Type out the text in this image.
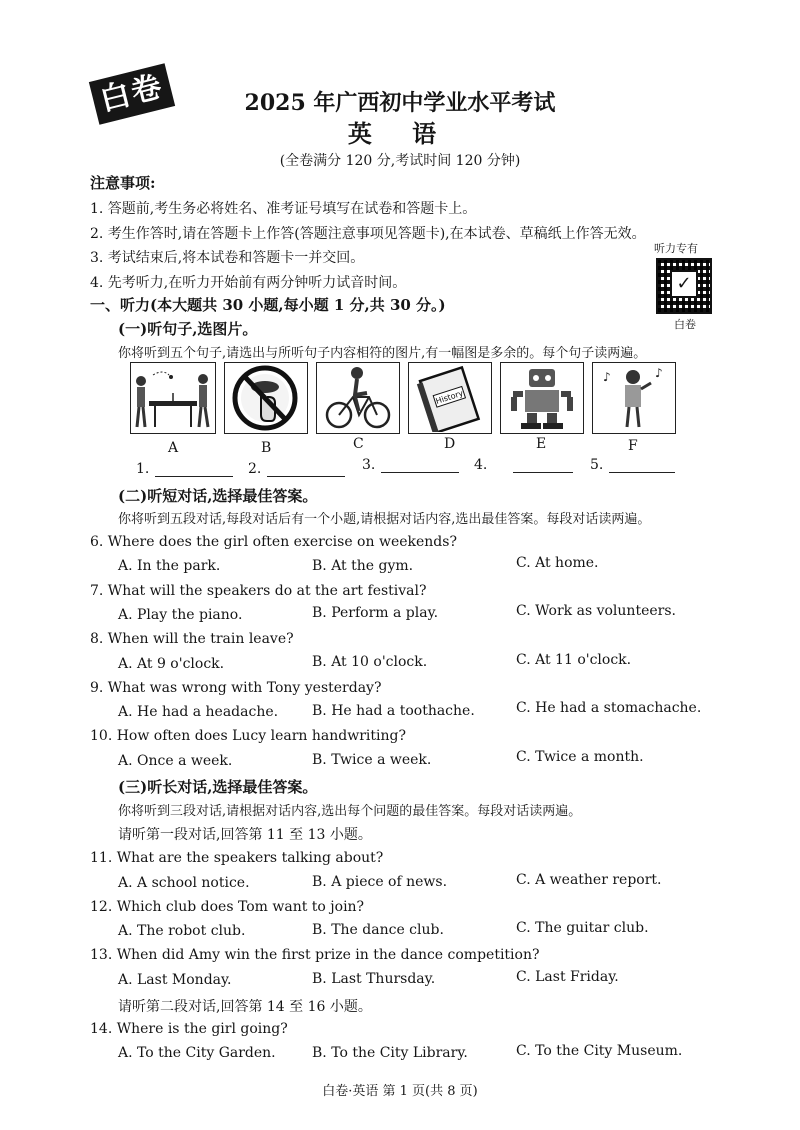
白卷	2025 年广西初中学业水平考试
英 语
(全卷满分 120 分,考试时间 120 分钟)
注意事项:
1. 答题前,考生务必将姓名、准考证号填写在试卷和答题卡上。
2. 考生作答时,请在答题卡上作答(答题注意事项见答题卡),在本试卷、草稿纸上作答无效。
3. 考试结束后,将本试卷和答题卡一并交回。
4. 先考听力,在听力开始前有两分钟听力试音时间。
听力专有
✓
白卷
一、听力(本大题共 30 小题,每小题 1 分,共 30 分。)
(一)听句子,选图片。
你将听到五个句子,请选出与所听句子内容相符的图片,有一幅图是多余的。每个句子读两遍。
History
♪	♪
A	B	C	D	E	F
1.	2.	3.	4.	5.
(二)听短对话,选择最佳答案。
你将听到五段对话,每段对话后有一个小题,请根据对话内容,选出最佳答案。每段对话读两遍。
6. Where does the girl often exercise on weekends?
A. In the park.	B. At the gym.	C. At home.
7. What will the speakers do at the art festival?
A. Play the piano.	B. Perform a play.	C. Work as volunteers.
8. When will the train leave?
A. At 9 o'clock.	B. At 10 o'clock.	C. At 11 o'clock.
9. What was wrong with Tony yesterday?
A. He had a headache. B. He had a toothache.	C. He had a stomachache.
10. How often does Lucy learn handwriting?
A. Once a week.	B. Twice a week.	C. Twice a month.
(三)听长对话,选择最佳答案。
你将听到三段对话,请根据对话内容,选出每个问题的最佳答案。每段对话读两遍。
请听第一段对话,回答第 11 至 13 小题。
11. What are the speakers talking about?
A. A school notice.	B. A piece of news.	C. A weather report.
12. Which club does Tom want to join?
A. The robot club.	B. The dance club.	C. The guitar club.
13. When did Amy win the first prize in the dance competition?
A. Last Monday.	B. Last Thursday.	C. Last Friday.
请听第二段对话,回答第 14 至 16 小题。
14. Where is the girl going?
A. To the City Garden.	B. To the City Library.	C. To the City Museum.
白卷·英语 第 1 页(共 8 页)
